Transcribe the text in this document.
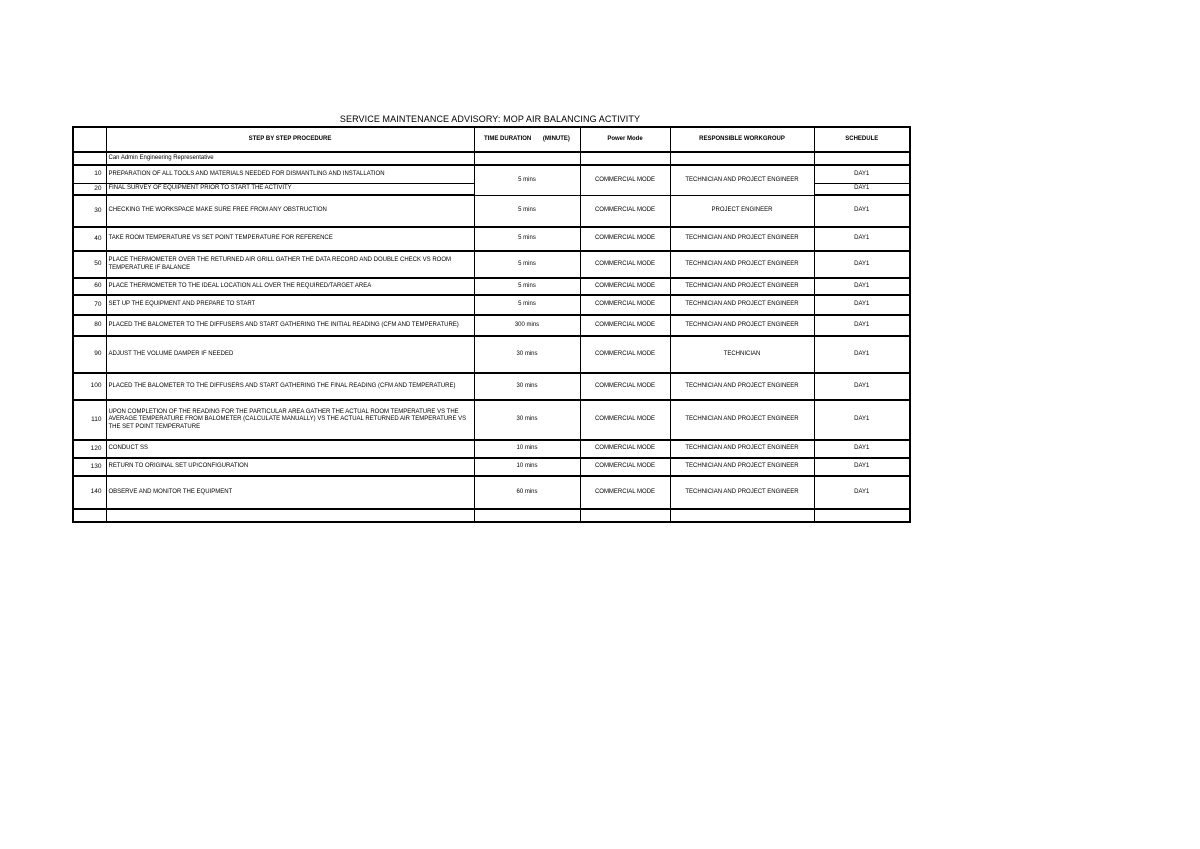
SERVICE MAINTENANCE ADVISORY: MOP AIR BALANCING ACTIVITY
	STEP BY STEP PROCEDURE	TIME DURATION       (MINUTE)	Power Mode	RESPONSIBLE WORKGROUP	SCHEDULE
	Can Admin Engineering Representative				
10	PREPARATION OF ALL TOOLS AND MATERIALS NEEDED FOR DISMANTLING AND INSTALLATION	5 mins	COMMERCIAL MODE	TECHNICIAN AND PROJECT ENGINEER	DAY1
20	FINAL SURVEY OF EQUIPMENT PRIOR TO START THE ACTIVITY				DAY1
30	CHECKING THE WORKSPACE MAKE SURE FREE FROM ANY OBSTRUCTION	5 mins	COMMERCIAL MODE	PROJECT ENGINEER	DAY1
40	TAKE ROOM TEMPERATURE VS SET POINT TEMPERATURE FOR REFERENCE	5 mins	COMMERCIAL MODE	TECHNICIAN AND PROJECT ENGINEER	DAY1
50	PLACE THERMOMETER OVER THE RETURNED AIR GRILL GATHER THE DATA RECORD AND DOUBLE CHECK VS ROOM TEMPERATURE IF BALANCE	5 mins	COMMERCIAL MODE	TECHNICIAN AND PROJECT ENGINEER	DAY1
60	PLACE THERMOMETER TO THE IDEAL LOCATION ALL OVER THE REQUIRED/TARGET AREA	5 mins	COMMERCIAL MODE	TECHNICIAN AND PROJECT ENGINEER	DAY1
70	SET UP THE EQUIPMENT AND PREPARE TO START	5 mins	COMMERCIAL MODE	TECHNICIAN AND PROJECT ENGINEER	DAY1
80	PLACED THE BALOMETER TO THE DIFFUSERS AND START GATHERING THE INITIAL READING (CFM AND TEMPERATURE)	300 mins	COMMERCIAL MODE	TECHNICIAN AND PROJECT ENGINEER	DAY1
90	ADJUST THE VOLUME DAMPER IF NEEDED	30 mins	COMMERCIAL MODE	TECHNICIAN	DAY1
100	PLACED THE BALOMETER TO THE DIFFUSERS AND START GATHERING THE FINAL READING (CFM AND TEMPERATURE)	30 mins	COMMERCIAL MODE	TECHNICIAN AND PROJECT ENGINEER	DAY1
110	UPON COMPLETION OF THE READING FOR THE PARTICULAR AREA GATHER THE ACTUAL ROOM TEMPERATURE VS THE AVERAGE TEMPERATURE FROM BALOMETER (CALCULATE MANUALLY) VS THE ACTUAL RETURNED AIR TEMPERATURE VS THE SET POINT TEMPERATURE	30 mins	COMMERCIAL MODE	TECHNICIAN AND PROJECT ENGINEER	DAY1
120	CONDUCT SS	10 mins	COMMERCIAL MODE	TECHNICIAN AND PROJECT ENGINEER	DAY1
130	RETURN TO ORIGINAL SET UP/CONFIGURATION	10 mins	COMMERCIAL MODE	TECHNICIAN AND PROJECT ENGINEER	DAY1
140	OBSERVE AND MONITOR THE EQUIPMENT	60 mins	COMMERCIAL MODE	TECHNICIAN AND PROJECT ENGINEER	DAY1
